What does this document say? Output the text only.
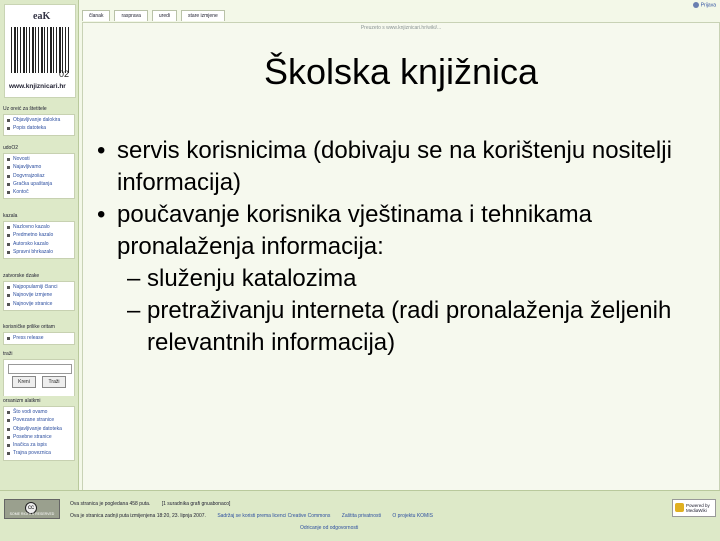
eaK
02
www.knjiznicari.hr
Uz oreić za štetitele
Objavljivanje dalokira
Popis datoteka
udoO2
Novosti
Najavljivamo
Dogvrrajzoiiaz
Gračka upaštanja
Kontoč
kazala
Nazlovno kazalo
Predmetno kazalo
Autorsko kazalo
Spravni bhrkazalo
zatvorske dzake
Najpopularniji članci
Najnovije izmjene
Najnovije stranice
korisničke prilike oritam
Press release
traži
Kreni	Traži
orsanizm alatkmi
Što vodi ovamo
Povezane stranice
Objavljivanje datoteka
Posebne stranice
Inačica za ispis
Trajna poveznica
članak	rasprava	uredi	stare izmjene
Prijava
Preuzeto s www.knjiznicari.hr/wiki/...
Školska knjižnica

• servis korisnicima (dobivaju se na korištenju nositelji informacija)

• poučavanje korisnika vještinama i tehnikama pronalaženja informacija:

– služenju katalozima

– pretraživanju interneta (radi pronalaženja željenih relevantnih informacija)

cc
SOME RIGHTS RESERVED
Ova stranica je pogledana 458 puta. [1 suradnika grafi gnuabonaco]
Ova je stranica zadnji puta izmijenjena 18:20, 23. lipnja 2007. Sadržaj se koristi prema licenci Creative Commons Zaštita privatnosti O projektu KOMIS
Odricanje od odgovornosti
Powered by
MediaWiki
